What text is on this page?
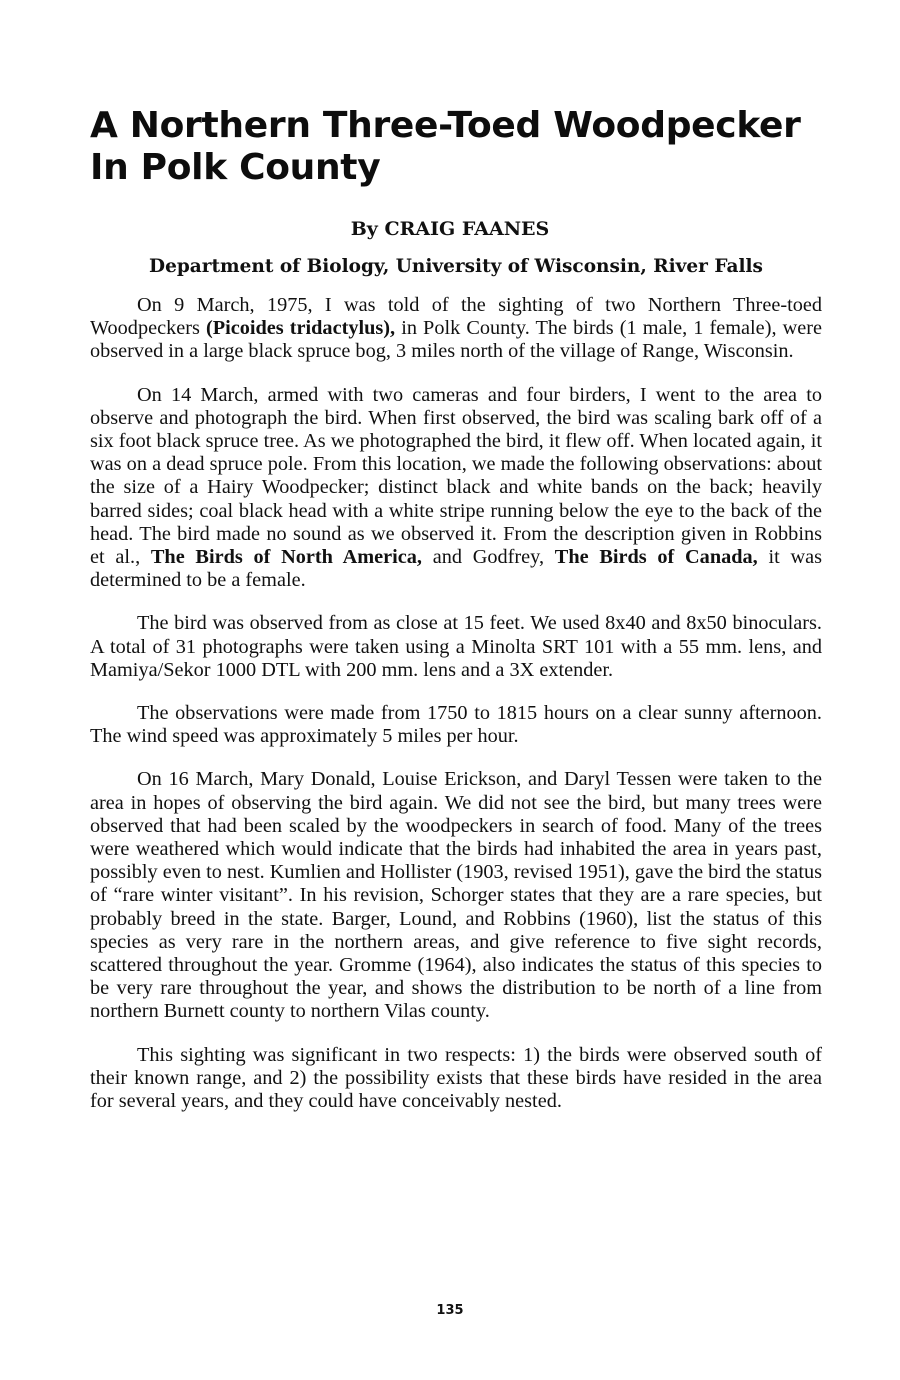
A Northern Three-Toed Woodpecker
In Polk County
By CRAIG FAANES
Department of Biology, University of Wisconsin, River Falls

On 9 March, 1975, I was told of the sighting of two Northern Three-toed Woodpeckers (Picoides tridactylus), in Polk County. The birds (1 male, 1 female), were observed in a large black spruce bog, 3 miles north of the village of Range, Wisconsin.

On 14 March, armed with two cameras and four birders, I went to the area to observe and photograph the bird. When first observed, the bird was scaling bark off of a six foot black spruce tree. As we photographed the bird, it flew off. When located again, it was on a dead spruce pole. From this location, we made the following observations: about the size of a Hairy Woodpecker; distinct black and white bands on the back; heavily barred sides; coal black head with a white stripe running below the eye to the back of the head. The bird made no sound as we observed it. From the description given in Robbins et al., The Birds of North America, and Godfrey, The Birds of Canada, it was determined to be a female.

The bird was observed from as close at 15 feet. We used 8x40 and 8x50 binoculars. A total of 31 photographs were taken using a Minolta SRT 101 with a 55 mm. lens, and Mamiya/Sekor 1000 DTL with 200 mm. lens and a 3X extender.

The observations were made from 1750 to 1815 hours on a clear sunny afternoon. The wind speed was approximately 5 miles per hour.

On 16 March, Mary Donald, Louise Erickson, and Daryl Tessen were taken to the area in hopes of observing the bird again. We did not see the bird, but many trees were observed that had been scaled by the woodpeckers in search of food. Many of the trees were weathered which would indicate that the birds had inhabited the area in years past, possibly even to nest. Kumlien and Hollister (1903, revised 1951), gave the bird the status of “rare winter visitant”. In his revision, Schorger states that they are a rare species, but probably breed in the state. Barger, Lound, and Robbins (1960), list the status of this species as very rare in the northern areas, and give reference to five sight records, scattered throughout the year. Gromme (1964), also indicates the status of this species to be very rare throughout the year, and shows the distribution to be north of a line from northern Burnett county to northern Vilas county.

This sighting was significant in two respects: 1) the birds were observed south of their known range, and 2) the possibility exists that these birds have resided in the area for several years, and they could have conceivably nested.

135
